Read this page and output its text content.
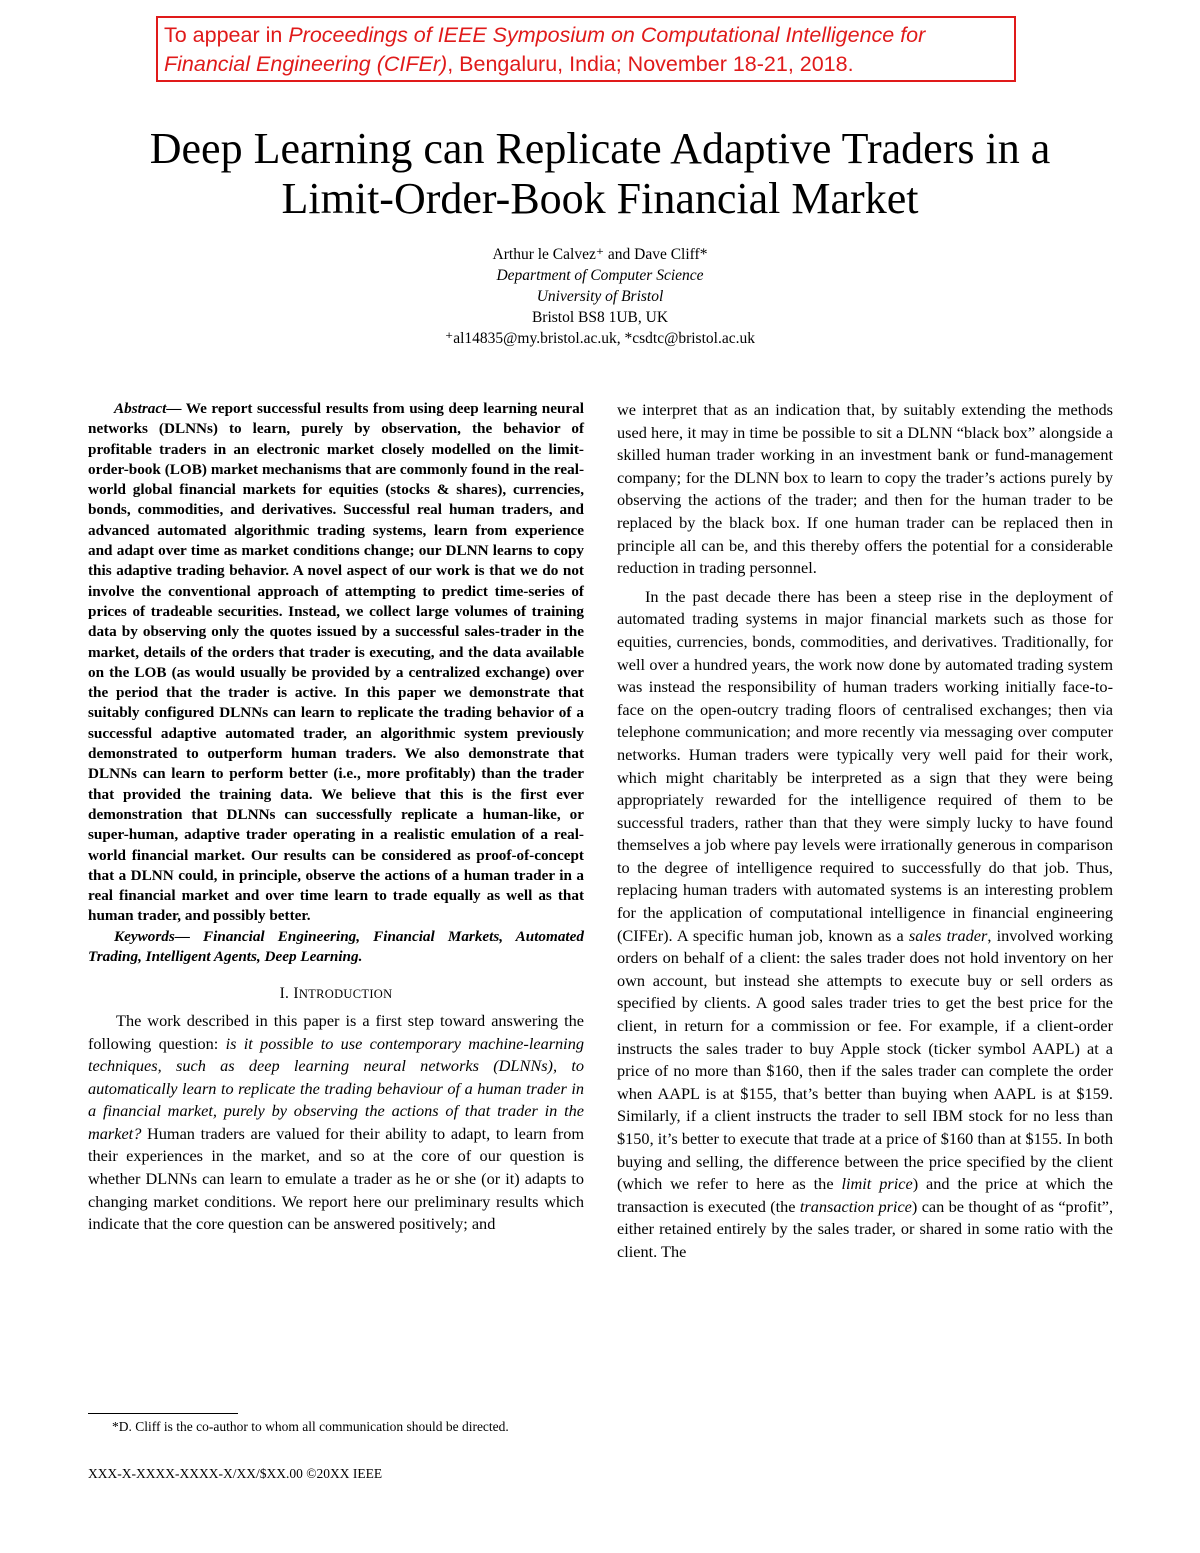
To appear in Proceedings of IEEE Symposium on Computational Intelligence for Financial Engineering (CIFEr), Bengaluru, India; November 18-21, 2018.
Deep Learning can Replicate Adaptive Traders in a
Limit-Order-Book Financial Market
Arthur le Calvez⁺ and Dave Cliff*
Department of Computer Science
University of Bristol
Bristol BS8 1UB, UK
⁺al14835@my.bristol.ac.uk, *csdtc@bristol.ac.uk

Abstract— We report successful results from using deep learning neural networks (DLNNs) to learn, purely by observation, the behavior of profitable traders in an electronic market closely modelled on the limit-order-book (LOB) market mechanisms that are commonly found in the real-world global financial markets for equities (stocks & shares), currencies, bonds, commodities, and derivatives. Successful real human traders, and advanced automated algorithmic trading systems, learn from experience and adapt over time as market conditions change; our DLNN learns to copy this adaptive trading behavior. A novel aspect of our work is that we do not involve the conventional approach of attempting to predict time-series of prices of tradeable securities. Instead, we collect large volumes of training data by observing only the quotes issued by a successful sales-trader in the market, details of the orders that trader is executing, and the data available on the LOB (as would usually be provided by a centralized exchange) over the period that the trader is active. In this paper we demonstrate that suitably configured DLNNs can learn to replicate the trading behavior of a successful adaptive automated trader, an algorithmic system previously demonstrated to outperform human traders. We also demonstrate that DLNNs can learn to perform better (i.e., more profitably) than the trader that provided the training data. We believe that this is the first ever demonstration that DLNNs can successfully replicate a human-like, or super-human, adaptive trader operating in a realistic emulation of a real-world financial market. Our results can be considered as proof-of-concept that a DLNN could, in principle, observe the actions of a human trader in a real financial market and over time learn to trade equally as well as that human trader, and possibly better.

Keywords— Financial Engineering, Financial Markets, Automated Trading, Intelligent Agents, Deep Learning.

I. INTRODUCTION

The work described in this paper is a first step toward answering the following question: is it possible to use contemporary machine-learning techniques, such as deep learning neural networks (DLNNs), to automatically learn to replicate the trading behaviour of a human trader in a financial market, purely by observing the actions of that trader in the market? Human traders are valued for their ability to adapt, to learn from their experiences in the market, and so at the core of our question is whether DLNNs can learn to emulate a trader as he or she (or it) adapts to changing market conditions. We report here our preliminary results which indicate that the core question can be answered positively; and

we interpret that as an indication that, by suitably extending the methods used here, it may in time be possible to sit a DLNN “black box” alongside a skilled human trader working in an investment bank or fund-management company; for the DLNN box to learn to copy the trader’s actions purely by observing the actions of the trader; and then for the human trader to be replaced by the black box. If one human trader can be replaced then in principle all can be, and this thereby offers the potential for a considerable reduction in trading personnel.

In the past decade there has been a steep rise in the deployment of automated trading systems in major financial markets such as those for equities, currencies, bonds, commodities, and derivatives. Traditionally, for well over a hundred years, the work now done by automated trading system was instead the responsibility of human traders working initially face-to-face on the open-outcry trading floors of centralised exchanges; then via telephone communication; and more recently via messaging over computer networks. Human traders were typically very well paid for their work, which might charitably be interpreted as a sign that they were being appropriately rewarded for the intelligence required of them to be successful traders, rather than that they were simply lucky to have found themselves a job where pay levels were irrationally generous in comparison to the degree of intelligence required to successfully do that job. Thus, replacing human traders with automated systems is an interesting problem for the application of computational intelligence in financial engineering (CIFEr). A specific human job, known as a sales trader, involved working orders on behalf of a client: the sales trader does not hold inventory on her own account, but instead she attempts to execute buy or sell orders as specified by clients. A good sales trader tries to get the best price for the client, in return for a commission or fee. For example, if a client-order instructs the sales trader to buy Apple stock (ticker symbol AAPL) at a price of no more than $160, then if the sales trader can complete the order when AAPL is at $155, that’s better than buying when AAPL is at $159. Similarly, if a client instructs the trader to sell IBM stock for no less than $150, it’s better to execute that trade at a price of $160 than at $155. In both buying and selling, the difference between the price specified by the client (which we refer to here as the limit price) and the price at which the transaction is executed (the transaction price) can be thought of as “profit”, either retained entirely by the sales trader, or shared in some ratio with the client. The

*D. Cliff is the co-author to whom all communication should be directed.
XXX-X-XXXX-XXXX-X/XX/$XX.00 ©20XX IEEE
